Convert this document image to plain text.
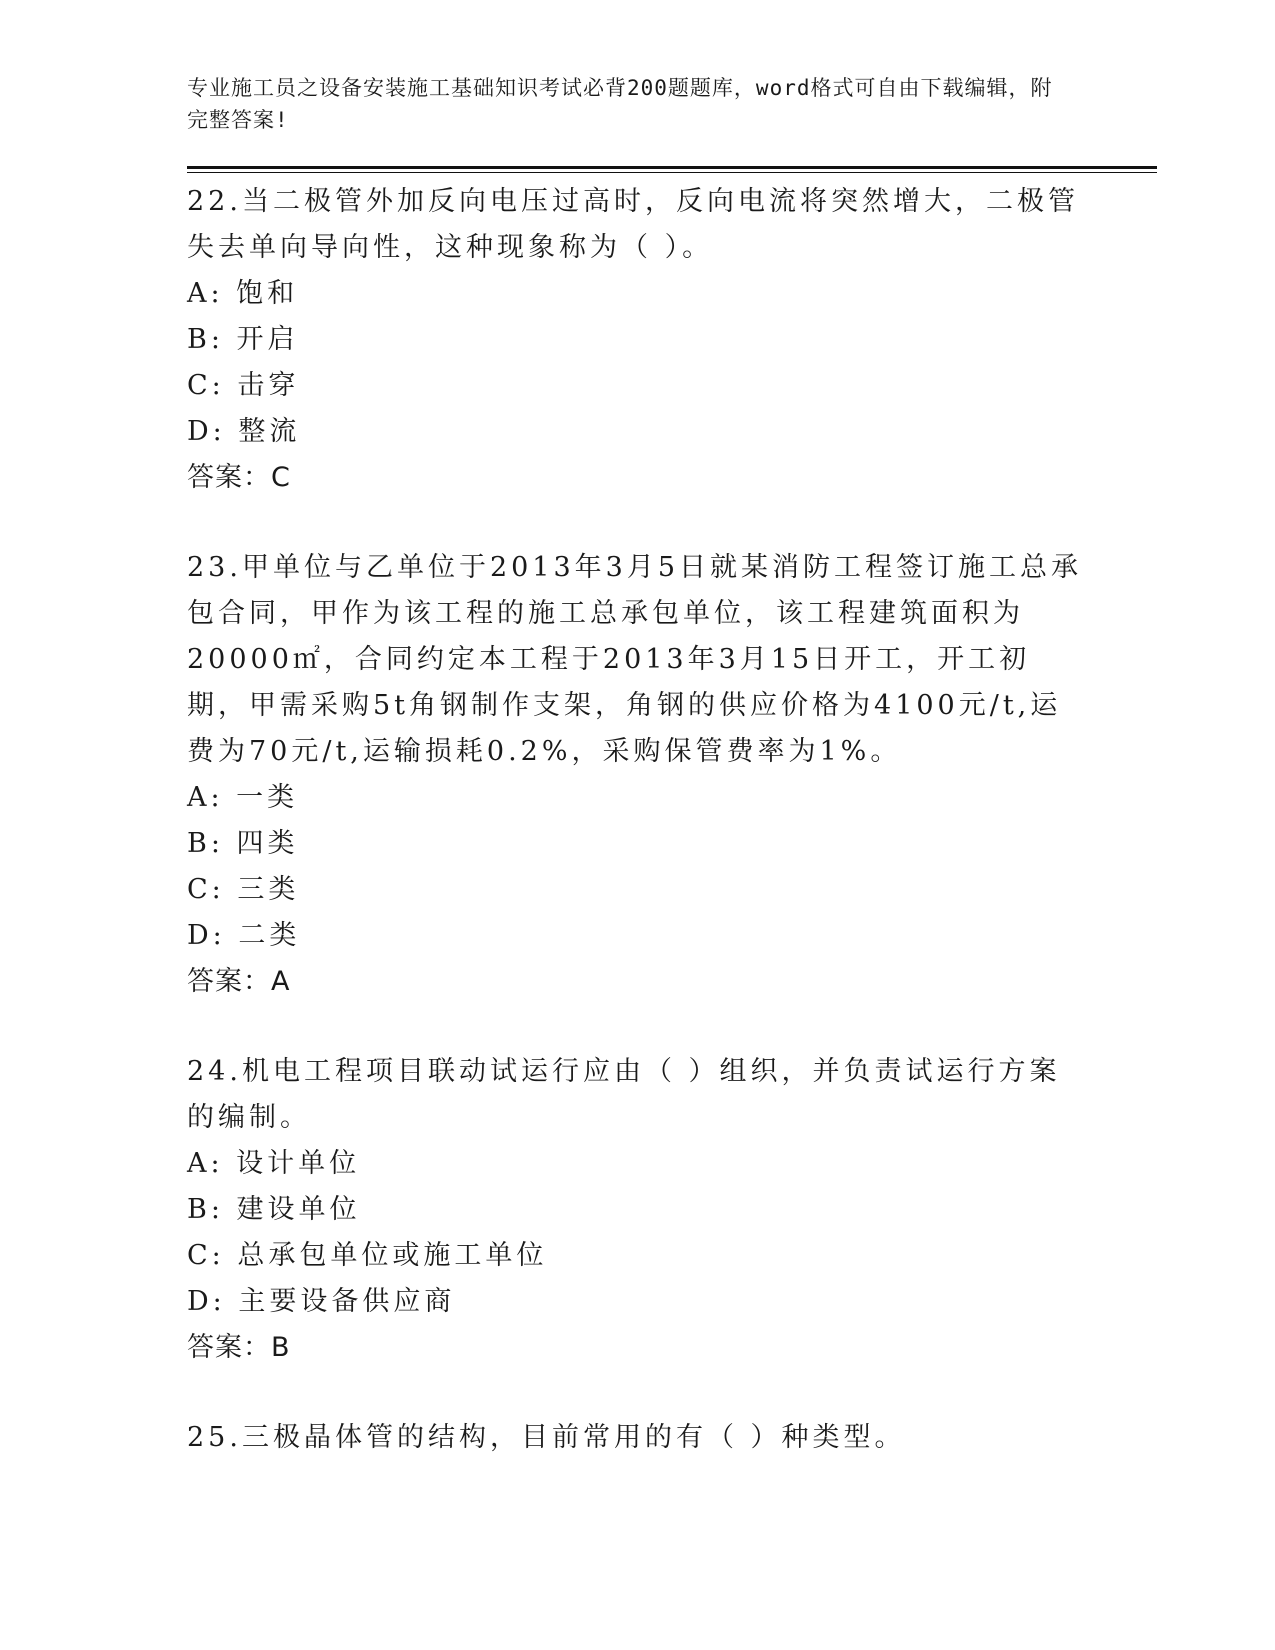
专业施工员之设备安装施工基础知识考试必背200题题库，word格式可自由下载编辑，附完整答案!
22.当二极管外加反向电压过高时，反向电流将突然增大，二极管失去单向导向性，这种现象称为（ ）。
A: 饱和
B: 开启
C: 击穿
D: 整流
答案：C
23.甲单位与乙单位于2013年3月5日就某消防工程签订施工总承包合同，甲作为该工程的施工总承包单位，该工程建筑面积为20000㎡，合同约定本工程于2013年3月15日开工，开工初期，甲需采购5t角钢制作支架，角钢的供应价格为4100元/t,运费为70元/t,运输损耗0.2%，采购保管费率为1%。
A: 一类
B: 四类
C: 三类
D: 二类
答案：A
24.机电工程项目联动试运行应由（ ）组织，并负责试运行方案的编制。
A: 设计单位
B: 建设单位
C: 总承包单位或施工单位
D: 主要设备供应商
答案：B
25.三极晶体管的结构，目前常用的有（ ）种类型。
